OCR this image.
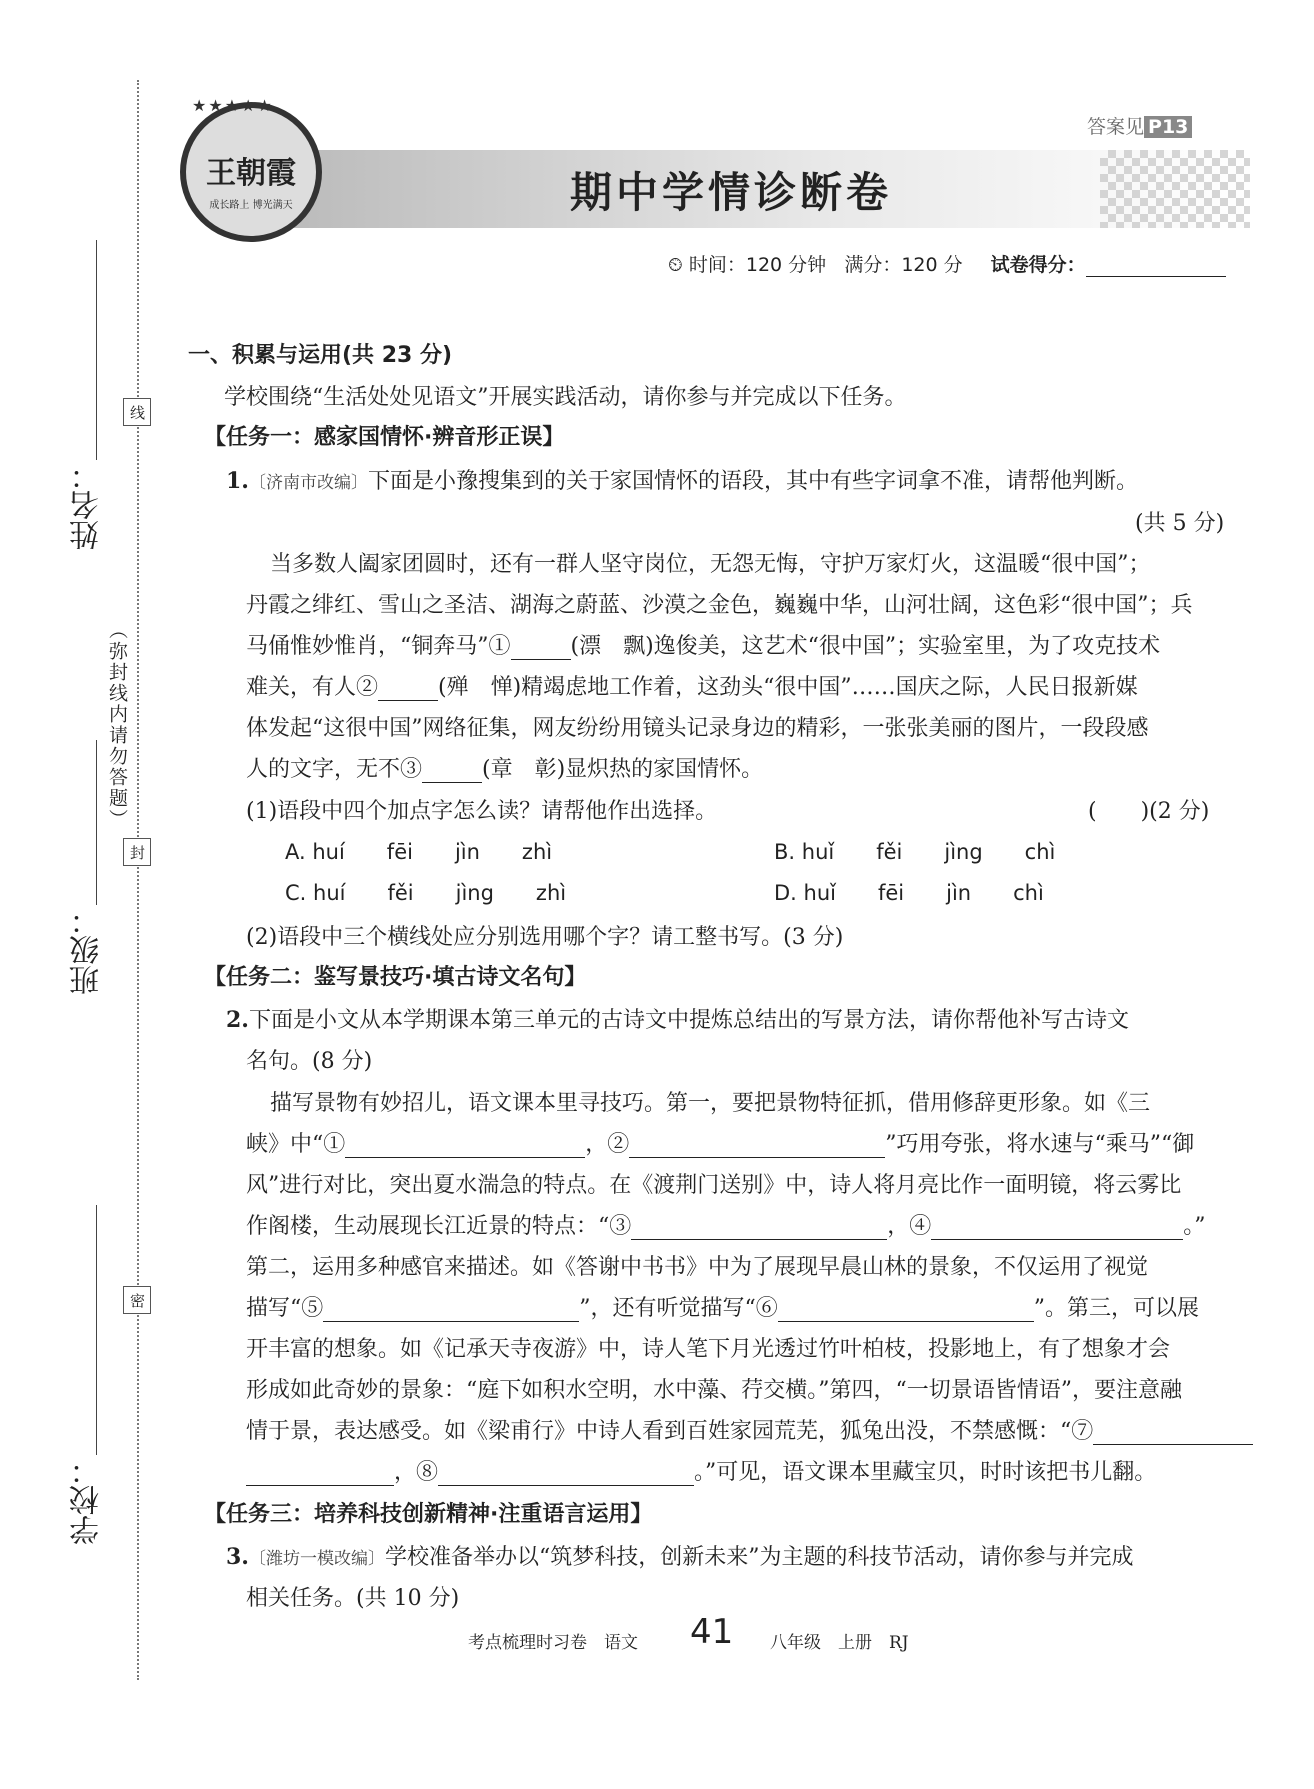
姓名：
班级：
学校：
线
封
密
（弥封线内请勿答题）
王朝霞
成长路上 博光满天
★★★★★
答案见 P13
期中学情诊断卷
⏲ 时间：120 分钟 满分：120 分 试卷得分：
一、积累与运用(共 23 分)
学校围绕“生活处处见语文”开展实践活动，请你参与并完成以下任务。
【任务一：感家国情怀·辨音形正误】
1.〔济南市改编〕下面是小豫搜集到的关于家国情怀的语段，其中有些字词拿不准，请帮他判断。
(共 5 分)
当多数人阖家团圆时，还有一群人坚守岗位，无怨无悔，守护万家灯火，这温暖“很中国”；
丹霞之绯红、雪山之圣洁、湖海之蔚蓝、沙漠之金色，巍巍中华，山河壮阔，这色彩“很中国”；兵
马俑惟妙惟肖，“铜奔马”①	(漂　飘)逸俊美，这艺术“很中国”；实验室里，为了攻克技术
难关，有人②	(殚　惮)精竭虑地工作着，这劲头“很中国”……国庆之际，人民日报新媒
体发起“这很中国”网络征集，网友纷纷用镜头记录身边的精彩，一张张美丽的图片，一段段感
人的文字，无不③	(章　彰)显炽热的家国情怀。
(1)语段中四个加点字怎么读？请帮他作出选择。	(　　)(2 分)
A. huí　　fēi　　jìn　　zhì	B. huǐ　　fěi　　jìng　　chì
C. huí　　fěi　　jìng　　zhì	D. huǐ　　fēi　　jìn　　chì
(2)语段中三个横线处应分别选用哪个字？请工整书写。(3 分)
【任务二：鉴写景技巧·填古诗文名句】
2.下面是小文从本学期课本第三单元的古诗文中提炼总结出的写景方法，请你帮他补写古诗文
名句。(8 分)
描写景物有妙招儿，语文课本里寻技巧。第一，要把景物特征抓，借用修辞更形象。如《三
峡》中“①	，②	”巧用夸张，将水速与“乘马”“御
风”进行对比，突出夏水湍急的特点。在《渡荆门送别》中，诗人将月亮比作一面明镜，将云雾比
作阁楼，生动展现长江近景的特点：“③	，④	。”
第二，运用多种感官来描述。如《答谢中书书》中为了展现早晨山林的景象，不仅运用了视觉
描写“⑤	”，还有听觉描写“⑥	”。第三，可以展
开丰富的想象。如《记承天寺夜游》中，诗人笔下月光透过竹叶柏枝，投影地上，有了想象才会
形成如此奇妙的景象：“庭下如积水空明，水中藻、荇交横。”第四，“一切景语皆情语”，要注意融
情于景，表达感受。如《梁甫行》中诗人看到百姓家园荒芜，狐兔出没，不禁感慨：“⑦
，⑧	。”可见，语文课本里藏宝贝，时时该把书儿翻。
【任务三：培养科技创新精神·注重语言运用】
3.〔潍坊一模改编〕学校准备举办以“筑梦科技，创新未来”为主题的科技节活动，请你参与并完成
相关任务。(共 10 分)
考点梳理时习卷　语文 41 八年级　上册　RJ
